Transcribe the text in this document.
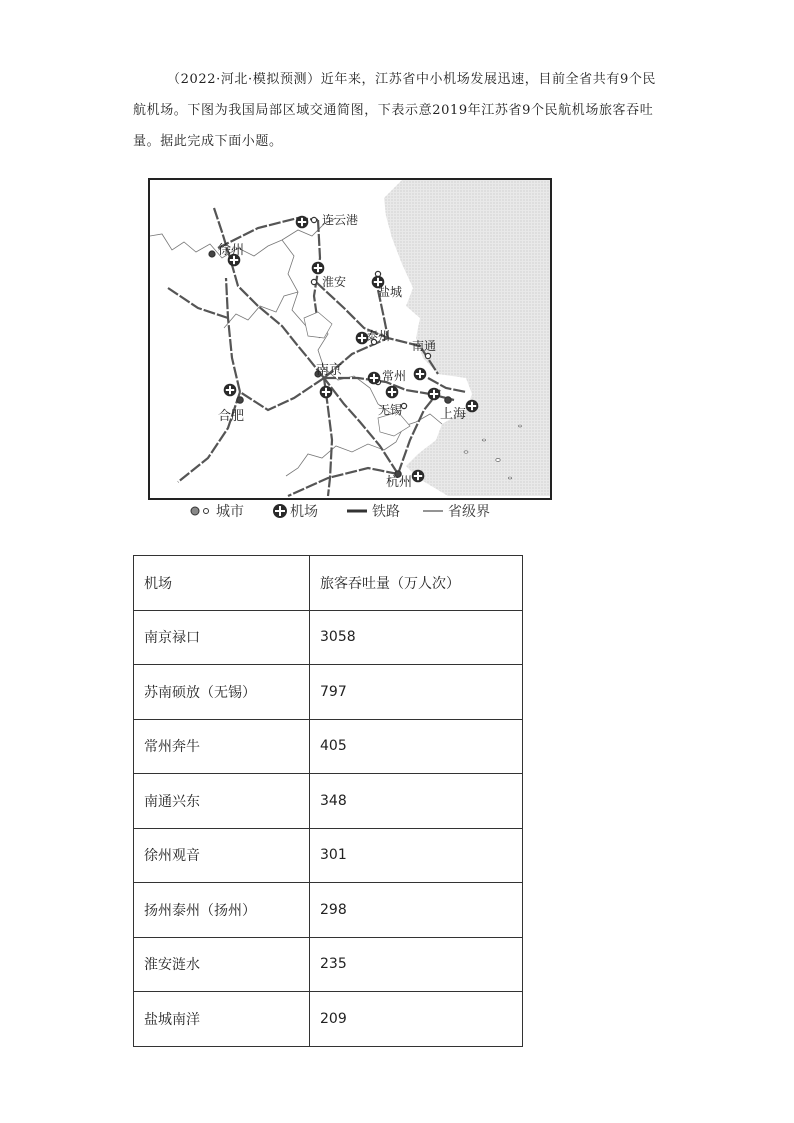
（2022·河北·模拟预测）近年来，江苏省中小机场发展迅速，目前全省共有9个民航机场。下图为我国局部区域交通简图，下表示意2019年江苏省9个民航机场旅客吞吐量。据此完成下面小题。
连云港
徐州
淮安
盐城
泰州
南通
南京	常州
无锡	上海
合肥
杭州
城市	机场	铁路	省级界
机场	旅客吞吐量（万人次）
南京禄口	3058
苏南硕放（无锡）	797
常州奔牛	405
南通兴东	348
徐州观音	301
扬州泰州（扬州）	298
淮安涟水	235
盐城南洋	209
